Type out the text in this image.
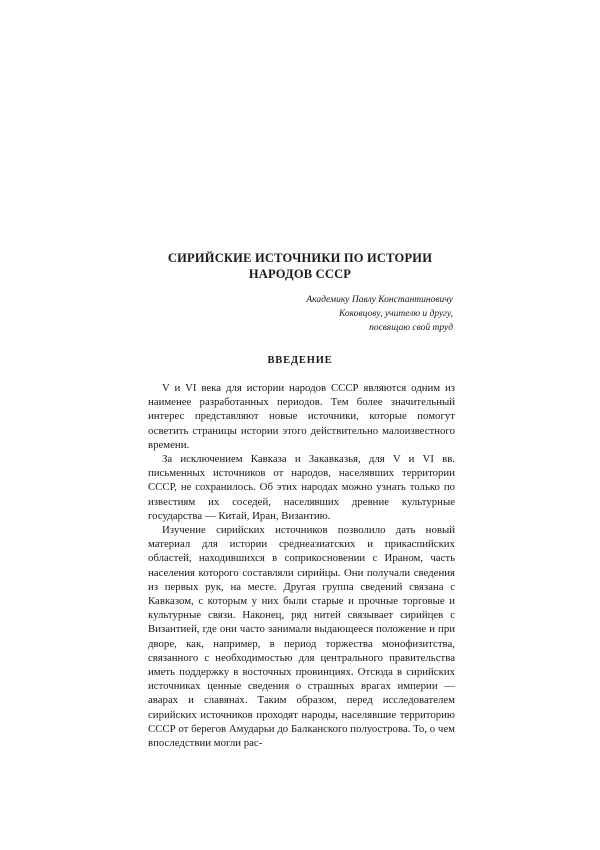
СИРИЙСКИЕ ИСТОЧНИКИ ПО ИСТОРИИ
НАРОДОВ СССР
Академику Павлу Константиновичу
Коковцову, учителю и другу,
посвящаю свой труд
ВВЕДЕНИЕ

V и VI века для истории народов СССР являются одним из наименее разработанных периодов. Тем более значительный интерес представляют новые источники, которые помогут осветить страницы истории этого действительно малоизвестного времени.

За исключением Кавказа и Закавказья, для V и VI вв. письменных источников от народов, населявших территории СССР, не сохранилось. Об этих народах можно узнать только по известиям их соседей, населявших древние культурные государства — Китай, Иран, Византию.

Изучение сирийских источников позволило дать новый материал для истории среднеазиатских и прикаспийских областей, находившихся в соприкосновении с Ираном, часть населения которого составляли сирийцы. Они получали сведения из первых рук, на месте. Другая группа сведений связана с Кавказом, с которым у них были старые и прочные торговые и культурные связи. Наконец, ряд нитей связывает сирийцев с Византией, где они часто занимали выдающееся положение и при дворе, как, например, в период торжества монофизитства, связанного с необходимостью для центрального правительства иметь поддержку в восточных провинциях. Отсюда в сирийских источниках ценные сведения о страшных врагах империи — аварах и славянах. Таким образом, перед исследователем сирийских источников проходят народы, населявшие территорию СССР от берегов Амударьи до Балканского полуострова. То, о чем впоследствии могли рас-
